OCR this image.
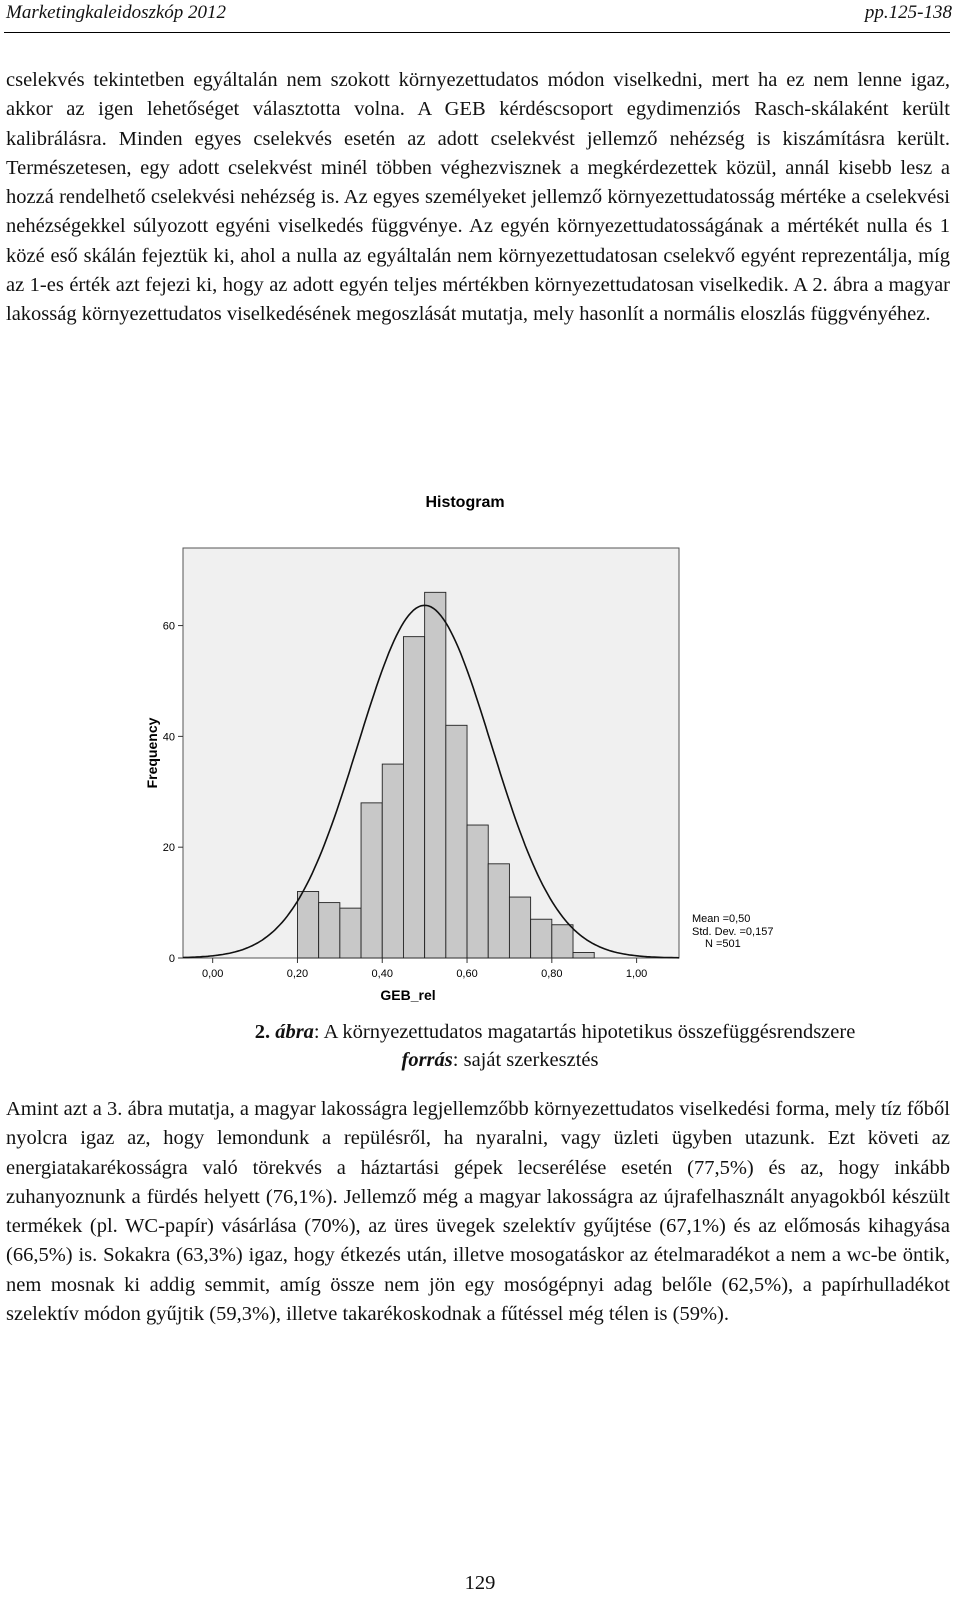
Marketingkaleidoszkóp 2012	pp.125-138

cselekvés tekintetben egyáltalán nem szokott környezettudatos módon viselkedni, mert ha ez nem lenne igaz, akkor az igen lehetőséget választotta volna. A GEB kérdéscsoport egydimenziós Rasch-skálaként került kalibrálásra. Minden egyes cselekvés esetén az adott cselekvést jellemző nehézség is kiszámításra került. Természetesen, egy adott cselekvést minél többen véghezvisznek a megkérdezettek közül, annál kisebb lesz a hozzá rendelhető cselekvési nehézség is. Az egyes személyeket jellemző környezettudatosság mértéke a cselekvési nehézségekkel súlyozott egyéni viselkedés függvénye. Az egyén környezettudatosságának a mértékét nulla és 1 közé eső skálán fejeztük ki, ahol a nulla az egyáltalán nem környezettudatosan cselekvő egyént reprezentálja, míg az 1-es érték azt fejezi ki, hogy az adott egyén teljes mértékben környezettudatosan viselkedik. A 2. ábra a magyar lakosság környezettudatos viselkedésének megoszlását mutatja, mely hasonlít a normális eloszlás függvényéhez.

Histogram
0
20
40
60
0,00	0,20	0,40	0,60	0,80	1,00
GEB_rel
Frequency
Mean =0,50
Std. Dev. =0,157
N =501
2. ábra: A környezettudatos magatartás hipotetikus összefüggésrendszere
forrás: saját szerkesztés

Amint azt a 3. ábra mutatja, a magyar lakosságra legjellemzőbb környezettudatos viselkedési forma, mely tíz főből nyolcra igaz az, hogy lemondunk a repülésről, ha nyaralni, vagy üzleti ügyben utazunk. Ezt követi az energiatakarékosságra való törekvés a háztartási gépek lecserélése esetén (77,5%) és az, hogy inkább zuhanyoznunk a fürdés helyett (76,1%). Jellemző még a magyar lakosságra az újrafelhasznált anyagokból készült termékek (pl. WC-papír) vásárlása (70%), az üres üvegek szelektív gyűjtése (67,1%) és az előmosás kihagyása (66,5%) is. Sokakra (63,3%) igaz, hogy étkezés után, illetve mosogatáskor az ételmaradékot a nem a wc-be öntik, nem mosnak ki addig semmit, amíg össze nem jön egy mosógépnyi adag belőle (62,5%), a papírhulladékot szelektív módon gyűjtik (59,3%), illetve takarékoskodnak a fűtéssel még télen is (59%).

129
